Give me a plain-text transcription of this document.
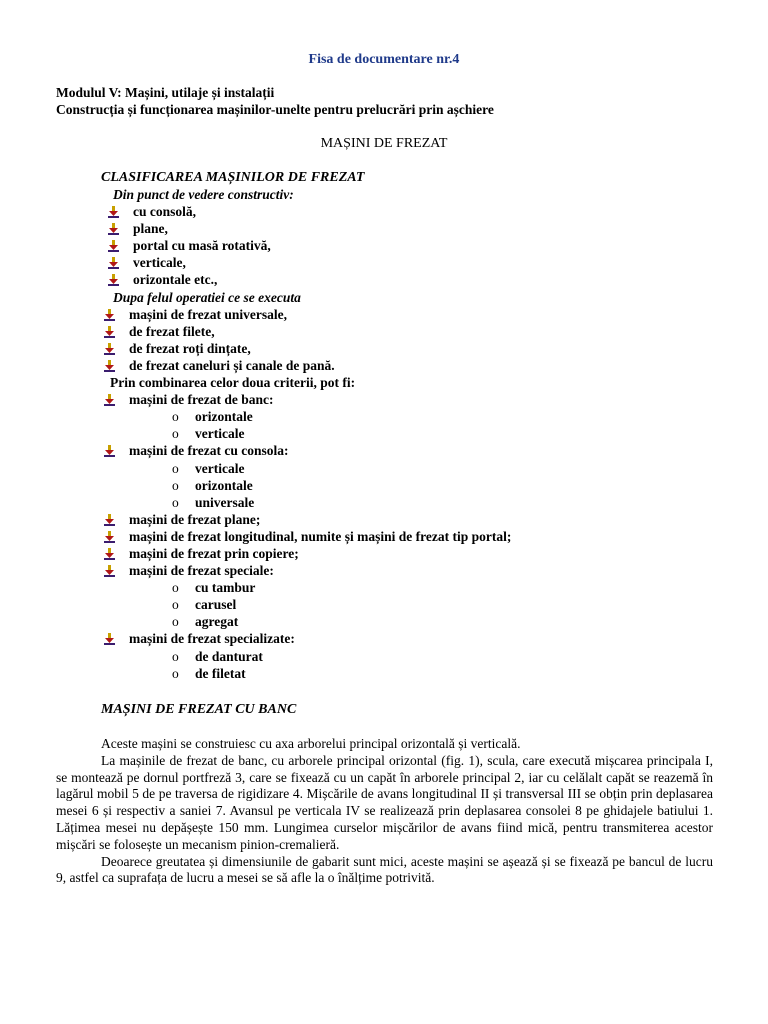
Fisa de documentare nr.4
Modulul V: Mașini, utilaje și instalații
Construcția și funcționarea mașinilor-unelte pentru prelucrări prin așchiere
MAȘINI DE FREZAT
CLASIFICAREA MAȘINILOR DE FREZAT
Din punct de vedere constructiv:
cu consolă,
plane,
portal cu masă rotativă,
verticale,
orizontale etc.,
Dupa felul operatiei ce se executa
mașini de frezat universale,
de frezat filete,
de frezat roți dințate,
de frezat caneluri și canale de pană.
Prin combinarea celor doua criterii, pot fi:
mașini de frezat de banc:
o orizontale
o verticale
mașini de frezat cu consola:
o verticale
o orizontale
o universale
mașini de frezat plane;
mașini de frezat longitudinal, numite și mașini de frezat tip portal;
mașini de frezat prin copiere;
mașini de frezat speciale:
o cu tambur
o carusel
o agregat
mașini de frezat specializate:
o de danturat
o de filetat
MAȘINI DE FREZAT CU BANC

Aceste mașini se construiesc cu axa arborelui principal orizontală și verticală.

La mașinile de frezat de banc, cu arborele principal orizontal (fig. 1), scula, care execută mișcarea principala I, se montează pe dornul portfreză 3, care se fixează cu un capăt în arborele principal 2, iar cu celălalt capăt se reazemă în lagărul mobil 5 de pe traversa de rigidizare 4. Mișcările de avans longitudinal II și transversal III se obțin prin deplasarea mesei 6 și respectiv a saniei 7. Avansul pe verticala IV se realizează prin deplasarea consolei 8 pe ghidajele batiului 1. Lățimea mesei nu depășește 150 mm. Lungimea curselor mișcărilor de avans fiind mică, pentru transmiterea acestor mișcări se folosește un mecanism pinion-cremalieră.

Deoarece greutatea și dimensiunile de gabarit sunt mici, aceste mașini se așează și se fixează pe bancul de lucru 9, astfel ca suprafața de lucru a mesei se să afle la o înălțime potrivită.
